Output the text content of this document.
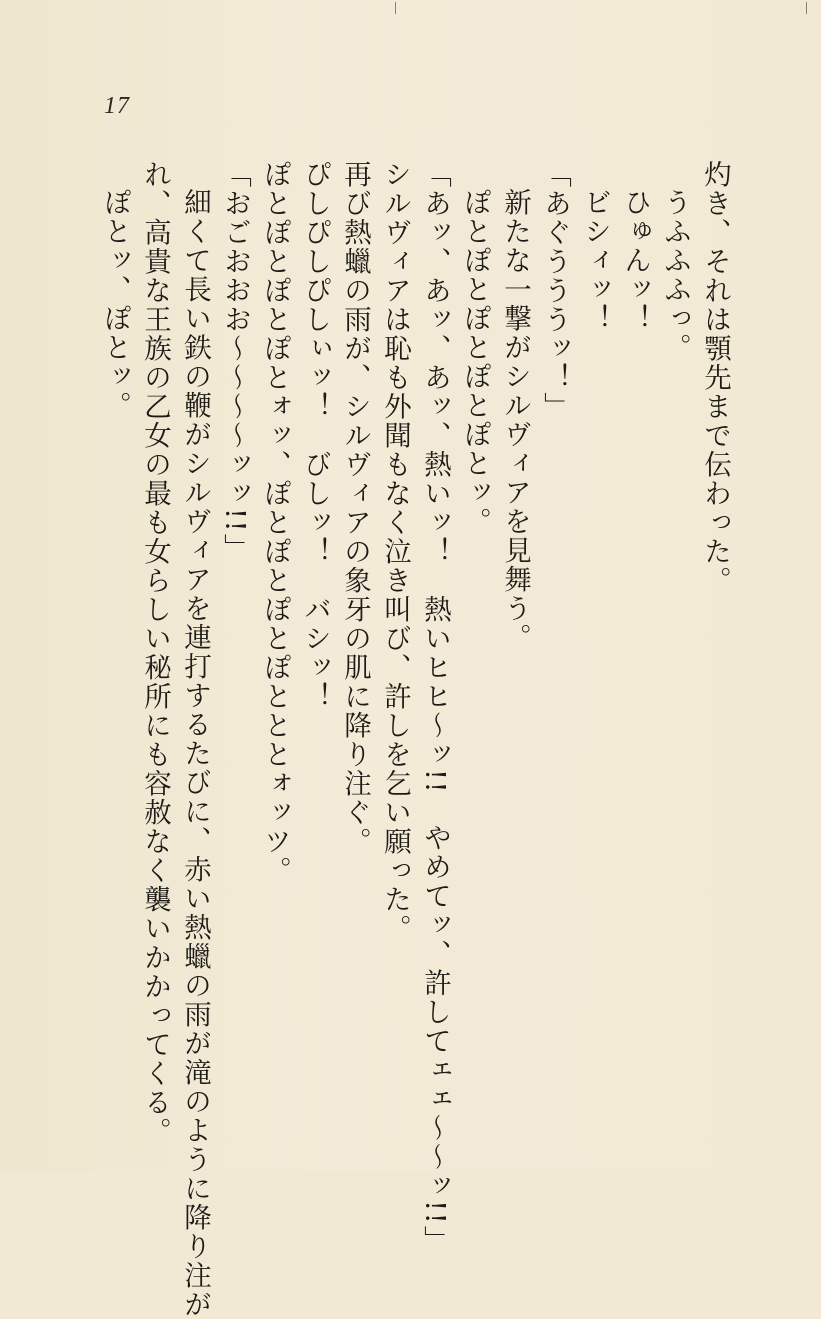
17
灼き、それは顎先まで伝わった。
うふふふっ。
ひゅんッ！
ビシィッ！
「あぐうううッ！」
新たな一撃がシルヴィアを見舞う。
ぽとぽとぽとぽとぽとッ。
「あッ、あッ、あッ、熱いッ！　熱いヒヒ〜ッ!!　やめてッ、許してェェ〜〜ッ!!」
シルヴィアは恥も外聞もなく泣き叫び、許しを乞い願った。
再び熱蠟の雨が、シルヴィアの象牙の肌に降り注ぐ。
ぴしぴしぴしぃッ！　びしッ！　バシッ！
ぽとぽとぽとぽとォッ、ぽとぽとぽとぽとととォッツ。
「おごおおお〜〜〜〜ッッ!!」
細くて長い鉄の鞭がシルヴィアを連打するたびに、赤い熱蠟の雨が滝のように降り注が
れ、高貴な王族の乙女の最も女らしい秘所にも容赦なく襲いかかってくる。
ぽとッ、ぽとッ。
